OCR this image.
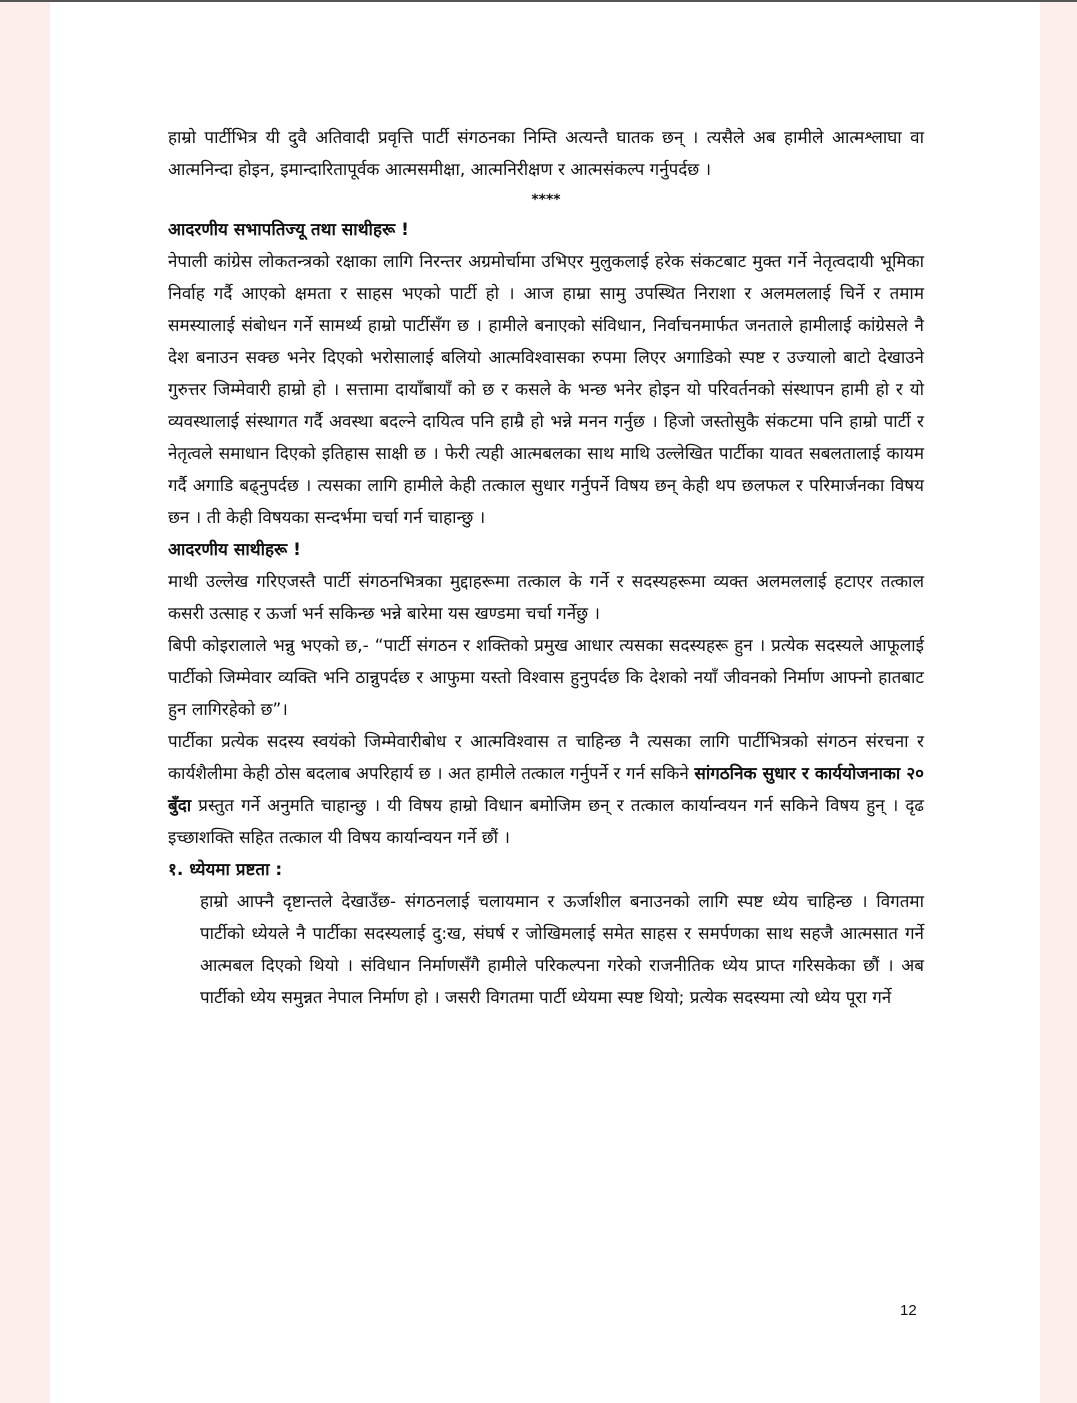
हाम्रो पार्टीभित्र यी दुवै अतिवादी प्रवृत्ति पार्टी संगठनका निम्ति अत्यन्तै घातक छन् । त्यसैले अब हामीले आत्मश्लाघा वा आत्मनिन्दा होइन, इमान्दारितापूर्वक आत्मसमीक्षा, आत्मनिरीक्षण र आत्मसंकल्प गर्नुपर्दछ ।

****

आदरणीय सभापतिज्यू तथा साथीहरू !

नेपाली कांग्रेस लोकतन्त्रको रक्षाका लागि निरन्तर अग्रमोर्चामा उभिएर मुलुकलाई हरेक संकटबाट मुक्त गर्ने नेतृत्वदायी भूमिका निर्वाह गर्दै आएको क्षमता र साहस भएको पार्टी हो । आज हाम्रा सामु उपस्थित निराशा र अलमललाई चिर्ने र तमाम समस्यालाई संबोधन गर्ने सामर्थ्य हाम्रो पार्टीसँग छ । हामीले बनाएको संविधान, निर्वाचनमार्फत जनताले हामीलाई कांग्रेसले नै देश बनाउन सक्छ भनेर दिएको भरोसालाई बलियो आत्मविश्वासका रुपमा लिएर अगाडिको स्पष्ट र उज्यालो बाटो देखाउने गुरुत्तर जिम्मेवारी हाम्रो हो । सत्तामा दायाँबायाँ को छ र कसले के भन्छ भनेर होइन यो परिवर्तनको संस्थापन हामी हो र यो व्यवस्थालाई संस्थागत गर्दै अवस्था बदल्ने दायित्व पनि हाम्रै हो भन्ने मनन गर्नुछ । हिजो जस्तोसुकै संकटमा पनि हाम्रो पार्टी र नेतृत्वले समाधान दिएको इतिहास साक्षी छ । फेरी त्यही आत्मबलका साथ माथि उल्लेखित पार्टीका यावत सबलतालाई कायम गर्दै अगाडि बढ्नुपर्दछ । त्यसका लागि हामीले केही तत्काल सुधार गर्नुपर्ने विषय छन् केही थप छलफल र परिमार्जनका विषय छन । ती केही विषयका सन्दर्भमा चर्चा गर्न चाहान्छु ।

आदरणीय साथीहरू !

माथी उल्लेख गरिएजस्तै पार्टी संगठनभित्रका मुद्दाहरूमा तत्काल के गर्ने र सदस्यहरूमा व्यक्त अलमललाई हटाएर तत्काल कसरी उत्साह र ऊर्जा भर्न सकिन्छ भन्ने बारेमा यस खण्डमा चर्चा गर्नेछु ।

बिपी कोइरालाले भन्नु भएको छ,- “पार्टी संगठन र शक्तिको प्रमुख आधार त्यसका सदस्यहरू हुन । प्रत्येक सदस्यले आफूलाई पार्टीको जिम्मेवार व्यक्ति भनि ठान्नुपर्दछ र आफुमा यस्तो विश्वास हुनुपर्दछ कि देशको नयाँ जीवनको निर्माण आफ्नो हातबाट हुन लागिरहेको छ”।

पार्टीका प्रत्येक सदस्य स्वयंको जिम्मेवारीबोध र आत्मविश्वास त चाहिन्छ नै त्यसका लागि पार्टीभित्रको संगठन संरचना र कार्यशैलीमा केही ठोस बदलाब अपरिहार्य छ । अत हामीले तत्काल गर्नुपर्ने र गर्न सकिने सांगठनिक सुधार र कार्ययोजनाका २० बुँदा प्रस्तुत गर्ने अनुमति चाहान्छु । यी विषय हाम्रो विधान बमोजिम छन् र तत्काल कार्यान्वयन गर्न सकिने विषय हुन् । दृढ इच्छाशक्ति सहित तत्काल यी विषय कार्यान्वयन गर्ने छौं ।

१. ध्येयमा प्रष्टता :

हाम्रो आफ्नै दृष्टान्तले देखाउँछ- संगठनलाई चलायमान र ऊर्जाशील बनाउनको लागि स्पष्ट ध्येय चाहिन्छ । विगतमा पार्टीको ध्येयले नै पार्टीका सदस्यलाई दु:ख, संघर्ष र जोखिमलाई समेत साहस र समर्पणका साथ सहजै आत्मसात गर्ने आत्मबल दिएको थियो । संविधान निर्माणसँगै हामीले परिकल्पना गरेको राजनीतिक ध्येय प्राप्त गरिसकेका छौं । अब पार्टीको ध्येय समुन्नत नेपाल निर्माण हो । जसरी विगतमा पार्टी ध्येयमा स्पष्ट थियो; प्रत्येक सदस्यमा त्यो ध्येय पूरा गर्ने

12
